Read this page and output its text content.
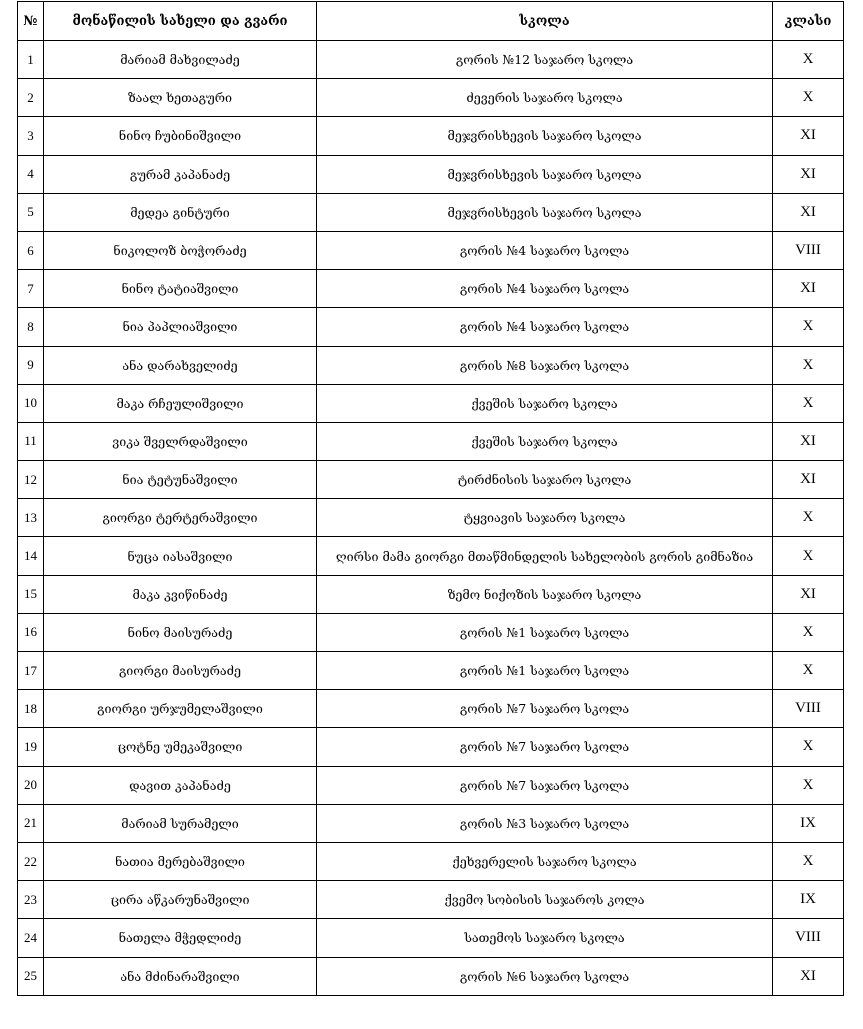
№	მონაწილის სახელი და გვარი	სკოლა	კლასი
1	მარიამ მახვილაძე	გორის №12 საჯარო სკოლა	X
2	ზაალ ხეთაგური	ძევერის საჯარო სკოლა	X
3	ნინო ჩუბინიშვილი	მეჯვრისხევის საჯარო სკოლა	XI
4	გურამ კაპანაძე	მეჯვრისხევის საჯარო სკოლა	XI
5	მედეა გინტური	მეჯვრისხევის საჯარო სკოლა	XI
6	ნიკოლოზ ბოჭორაძე	გორის №4 საჯარო სკოლა	VIII
7	ნინო ტატიაშვილი	გორის №4 საჯარო სკოლა	XI
8	ნია პაპლიაშვილი	გორის №4 საჯარო სკოლა	X
9	ანა დარახველიძე	გორის №8 საჯარო სკოლა	X
10	მაკა რჩეულიშვილი	ქვეშის საჯარო სკოლა	X
11	ვიკა შველრდაშვილი	ქვეშის საჯარო სკოლა	XI
12	ნია ტეტუნაშვილი	ტირძნისის საჯარო სკოლა	XI
13	გიორგი ტერტერაშვილი	ტყვიავის საჯარო სკოლა	X
14	ნუცა იასაშვილი	ღირსი მამა გიორგი მთაწმინდელის სახელობის გორის გიმნაზია	X
15	მაკა კვიწინაძე	ზემო ნიქოზის საჯარო სკოლა	XI
16	ნინო მაისურაძე	გორის №1 საჯარო სკოლა	X
17	გიორგი მაისურაძე	გორის №1 საჯარო სკოლა	X
18	გიორგი ურჯუმელაშვილი	გორის №7 საჯარო სკოლა	VIII
19	ცოტნე უმეკაშვილი	გორის №7 საჯარო სკოლა	X
20	დავით კაპანაძე	გორის №7 საჯარო სკოლა	X
21	მარიამ სურამელი	გორის №3 საჯარო სკოლა	IX
22	ნათია მერებაშვილი	ქეხვერელის საჯარო სკოლა	X
23	ცირა აწკარუნაშვილი	ქვემო სობისის საჯაროს კოლა	IX
24	ნათელა მჭედლიძე	სათემოს საჯარო სკოლა	VIII
25	ანა მძინარაშვილი	გორის №6 საჯარო სკოლა	XI
